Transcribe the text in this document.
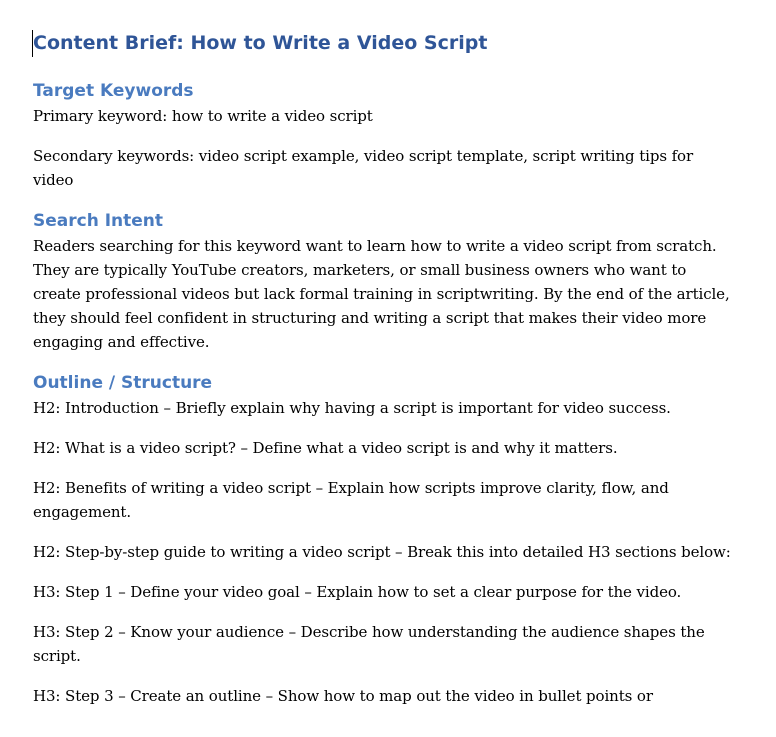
Content Brief: How to Write a Video Script
Target Keywords

Primary keyword: how to write a video script

Secondary keywords: video script example, video script template, script writing tips for video

Search Intent

Readers searching for this keyword want to learn how to write a video script from scratch. They are typically YouTube creators, marketers, or small business owners who want to create professional videos but lack formal training in scriptwriting. By the end of the article, they should feel confident in structuring and writing a script that makes their video more engaging and effective.

Outline / Structure

H2: Introduction – Briefly explain why having a script is important for video success.

H2: What is a video script? – Define what a video script is and why it matters.

H2: Benefits of writing a video script – Explain how scripts improve clarity, flow, and engagement.

H2: Step-by-step guide to writing a video script – Break this into detailed H3 sections below:

H3: Step 1 – Define your video goal – Explain how to set a clear purpose for the video.

H3: Step 2 – Know your audience – Describe how understanding the audience shapes the script.

H3: Step 3 – Create an outline – Show how to map out the video in bullet points or
